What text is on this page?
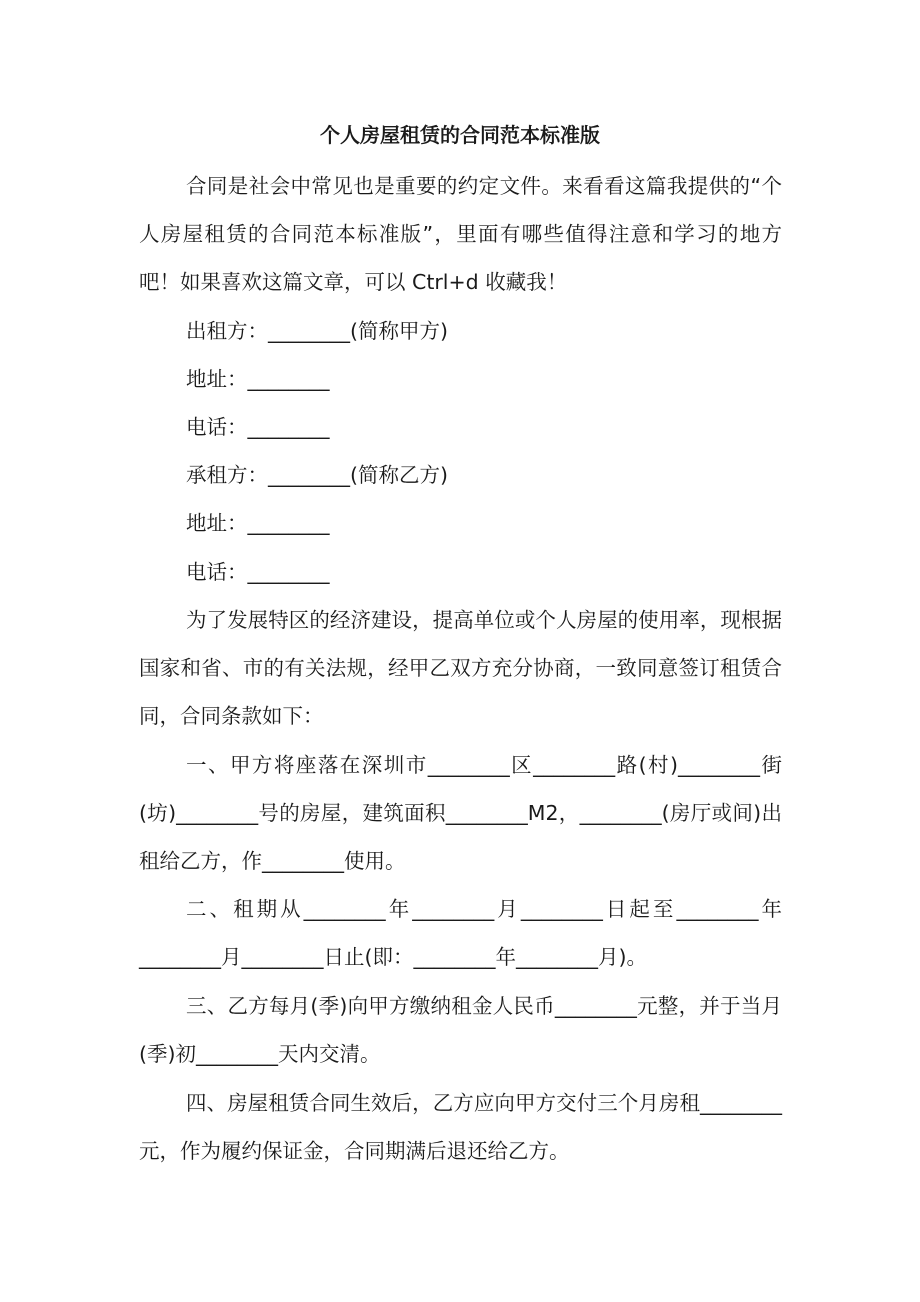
个人房屋租赁的合同范本标准版

合同是社会中常见也是重要的约定文件。来看看这篇我提供的“个人房屋租赁的合同范本标准版”，里面有哪些值得注意和学习的地方吧！如果喜欢这篇文章，可以 Ctrl+d 收藏我！

出租方：________(简称甲方)

地址：________

电话：________

承租方：________(简称乙方)

地址：________

电话：________

为了发展特区的经济建设，提高单位或个人房屋的使用率，现根据国家和省、市的有关法规，经甲乙双方充分协商，一致同意签订租赁合同，合同条款如下：

一、甲方将座落在深圳市________区________路(村)________街(坊)________号的房屋，建筑面积________M2，________(房厅或间)出租给乙方，作________使用。

二、租期从________年________月________日起至________年________月________日止(即：________年________月)。

三、乙方每月(季)向甲方缴纳租金人民币________元整，并于当月(季)初________天内交清。

四、房屋租赁合同生效后，乙方应向甲方交付三个月房租________元，作为履约保证金，合同期满后退还给乙方。
